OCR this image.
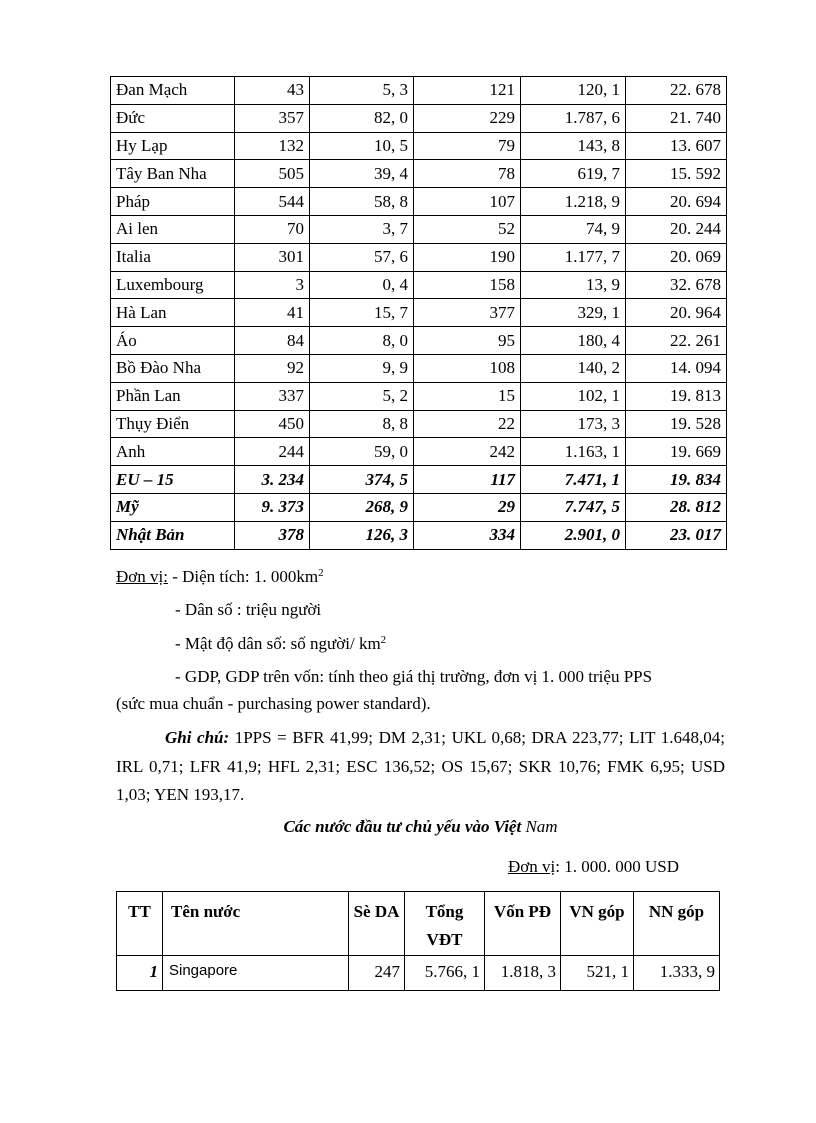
Đan Mạch	43	5, 3	121	120, 1	22. 678
Đức	357	82, 0	229	1.787, 6	21. 740
Hy Lạp	132	10, 5	79	143, 8	13. 607
Tây Ban Nha	505	39, 4	78	619, 7	15. 592
Pháp	544	58, 8	107	1.218, 9	20. 694
Ai len	70	3, 7	52	74, 9	20. 244
Italia	301	57, 6	190	1.177, 7	20. 069
Luxembourg	3	0, 4	158	13, 9	32. 678
Hà Lan	41	15, 7	377	329, 1	20. 964
Áo	84	8, 0	95	180, 4	22. 261
Bồ Đào Nha	92	9, 9	108	140, 2	14. 094
Phần Lan	337	5, 2	15	102, 1	19. 813
Thụy Điển	450	8, 8	22	173, 3	19. 528
Anh	244	59, 0	242	1.163, 1	19. 669
EU – 15	3. 234	374, 5	117	7.471, 1	19. 834
Mỹ	9. 373	268, 9	29	7.747, 5	28. 812
Nhật Bản	378	126, 3	334	2.901, 0	23. 017
Đơn vị: - Diện tích: 1. $000km^2$
- Dân số : triệu người
- Mật độ dân số: số người/ $km^2$
- GDP, GDP trên vốn: tính theo giá thị trường, đơn vị 1. 000 triệu PPS
(sức mua chuẩn - purchasing power standard).
Ghi chú: 1PPS = BFR 41,99; DM 2,31; UKL 0,68; DRA 223,77; LIT 1.648,04; IRL 0,71; LFR 41,9; HFL 2,31; ESC 136,52; OS 15,67; SKR 10,76; FMK 6,95; USD 1,03; YEN 193,17.
Các nước đầu tư chủ yếu vào Việt Nam
Đơn vị: 1. 000. 000 USD
TT	Tên nước	Sè DA	Tổng VĐT	Vốn PĐ	VN góp	NN góp
1	Singapore	247	5.766, 1	1.818, 3	521, 1	1.333, 9
